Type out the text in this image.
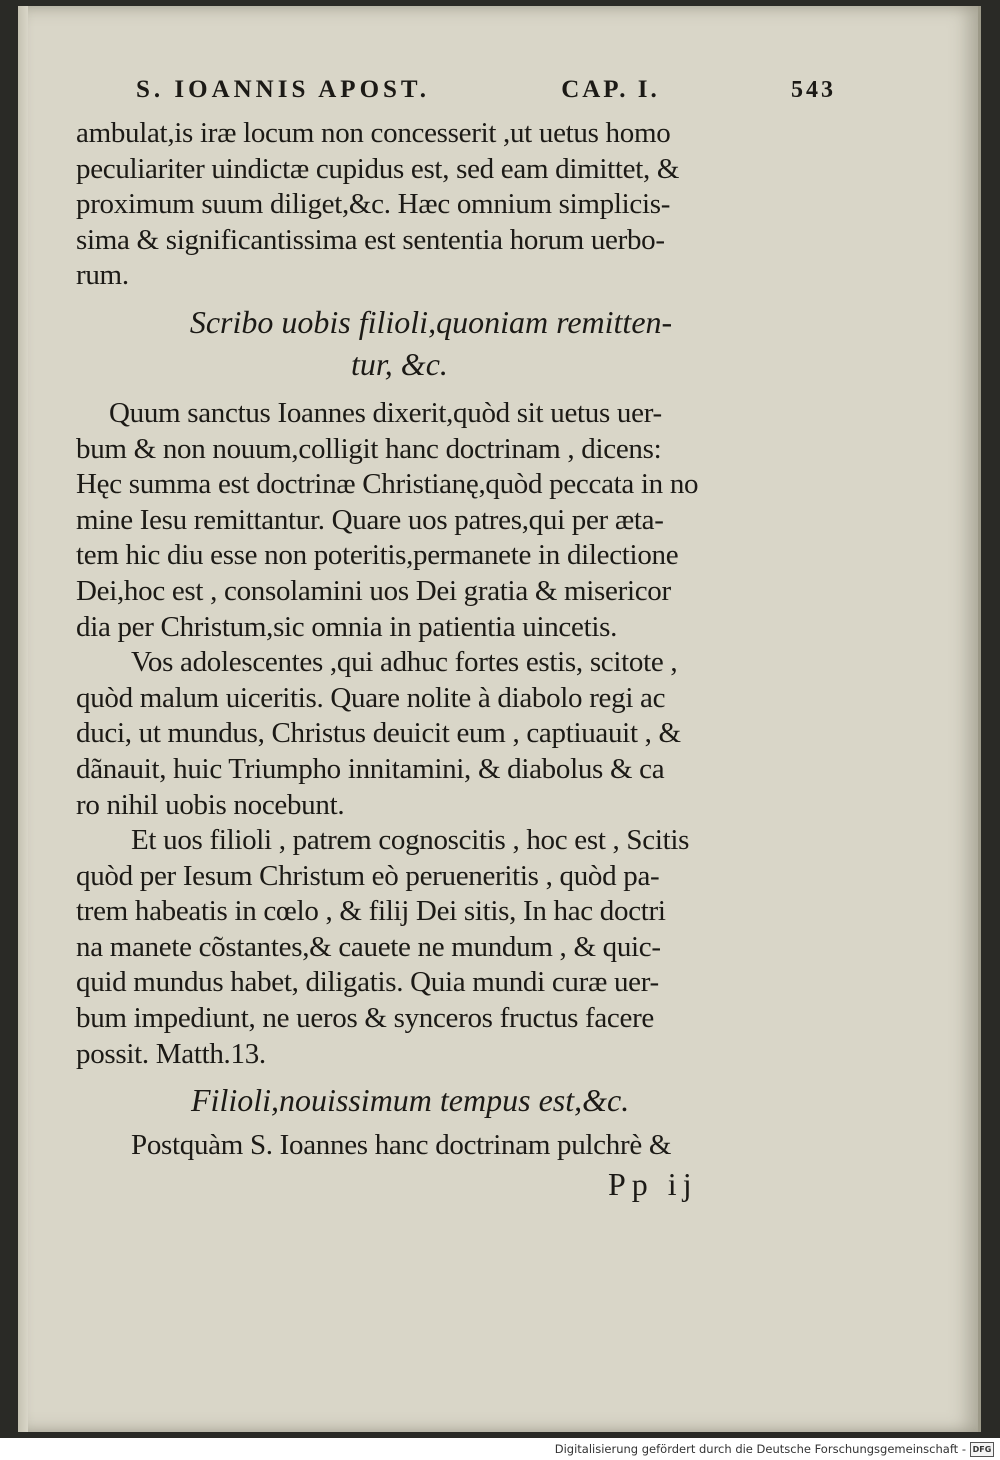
S. IOANNIS APOST.	CAP. I.	543
ambulat,is iræ locum non concesserit ,ut uetus homo
peculiariter uindictæ cupidus est, sed eam dimittet, &
proximum suum diliget,&c. Hæc omnium simplicis-
sima & significantissima est sententia horum uerbo-
rum.
Scribo uobis filioli,quoniam remitten-
tur, &c.
Quum sanctus Ioannes dixerit,quòd sit uetus uer-
bum & non nouum,colligit hanc doctrinam , dicens:
Hęc summa est doctrinæ Christianę,quòd peccata in no
mine Iesu remittantur. Quare uos patres,qui per æta-
tem hic diu esse non poteritis,permanete in dilectione
Dei,hoc est , consolamini uos Dei gratia & misericor
dia per Christum,sic omnia in patientia uincetis.
Vos adolescentes ,qui adhuc fortes estis, scitote ,
quòd malum uiceritis. Quare nolite à diabolo regi ac
duci, ut mundus, Christus deuicit eum , captiuauit , &
dãnauit, huic Triumpho innitamini, & diabolus & ca
ro nihil uobis nocebunt.
Et uos filioli , patrem cognoscitis , hoc est , Scitis
quòd per Iesum Christum eò perueneritis , quòd pa-
trem habeatis in cœlo , & filij Dei sitis, In hac doctri
na manete cõstantes,& cauete ne mundum , & quic-
quid mundus habet, diligatis. Quia mundi curæ uer-
bum impediunt, ne ueros & synceros fructus facere
possit. Matth.13.
Filioli,nouissimum tempus est,&c.
Postquàm S. Ioannes hanc doctrinam pulchrè &
Pp ij
Digitalisierung gefördert durch die Deutsche Forschungsgemeinschaft - DFG
